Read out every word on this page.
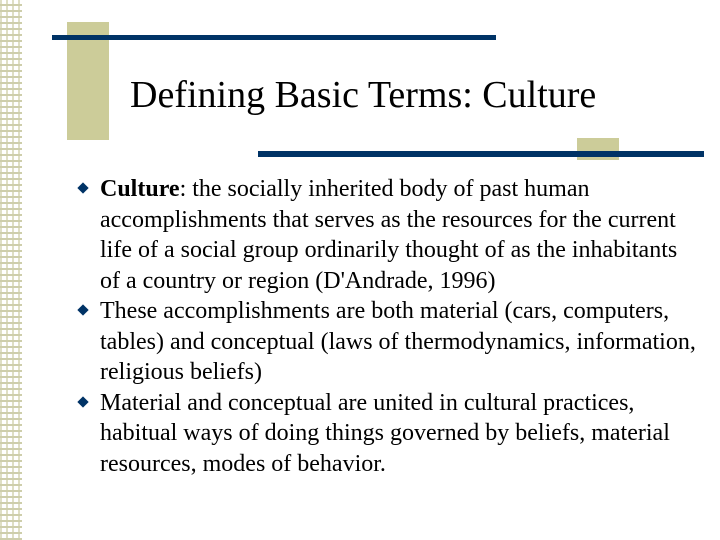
Defining Basic Terms: Culture
Culture: the socially inherited body of past human accomplishments that serves as the resources for the current life of a social group ordinarily thought of as the inhabitants of a country or region (D'Andrade, 1996)
These accomplishments are both material (cars, computers, tables) and conceptual (laws of thermodynamics, information, religious beliefs)
Material and conceptual are united in cultural practices, habitual ways of doing things governed by beliefs, material resources, modes of behavior.
